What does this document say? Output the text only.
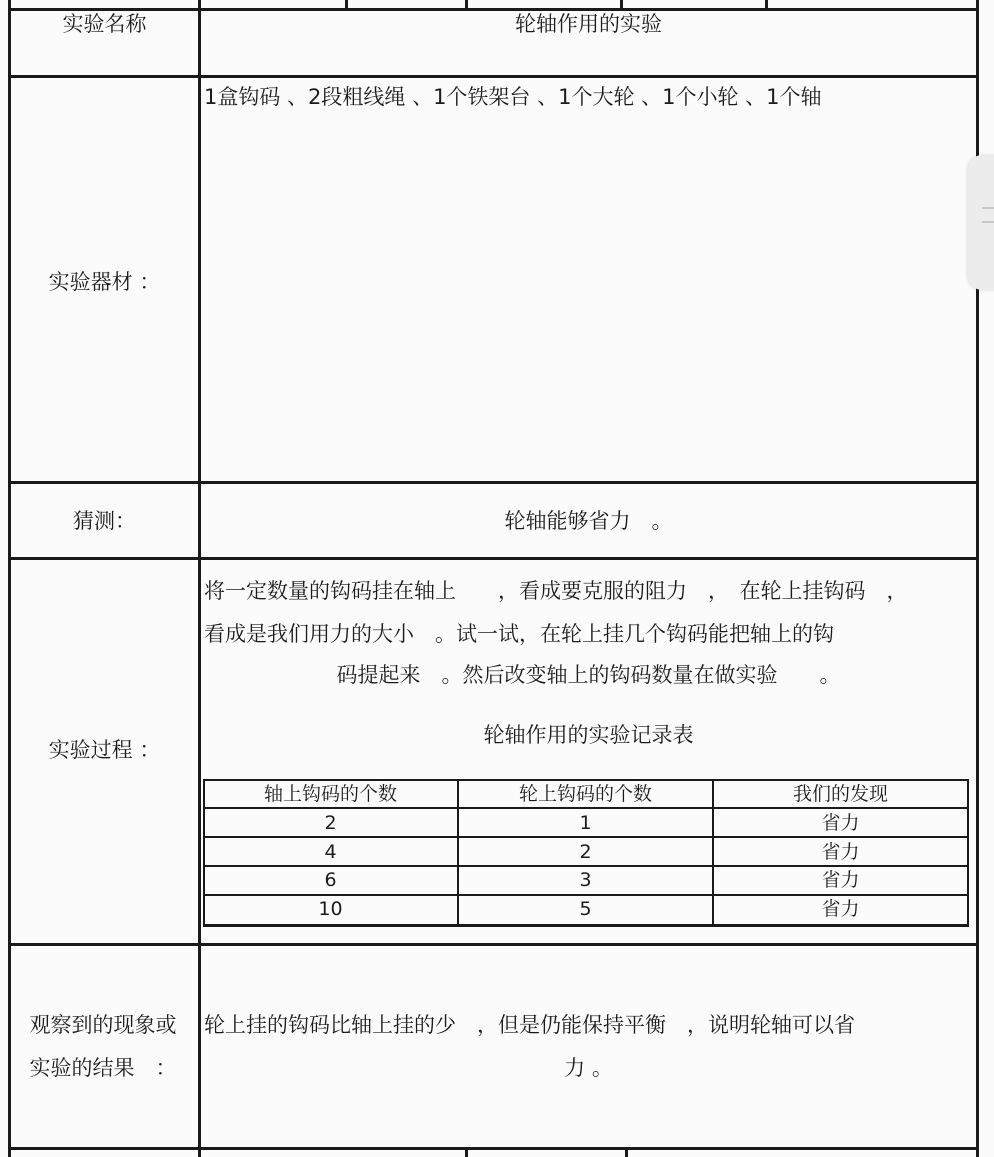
实验名称	轮轴作用的实验
实验器材 ：
1盒钩码 、2段粗线绳 、1个铁架台 、1个大轮 、1个小轮 、1个轴
猜测：	轮轴能够省力　。
实验过程 ：
将一定数量的钩码挂在轴上　　，看成要克服的阻力　，　在轮上挂钩码　，
看成是我们用力的大小　。试一试，在轮上挂几个钩码能把轴上的钩
码提起来　。然后改变轴上的钩码数量在做实验　　。
轮轴作用的实验记录表
轴上钩码的个数	轮上钩码的个数	我们的发现
2	1	省力
4	2	省力
6	3	省力
10	5	省力
观察到的现象或
实验的结果　：
轮上挂的钩码比轴上挂的少　，但是仍能保持平衡　，说明轮轴可以省
力 。
